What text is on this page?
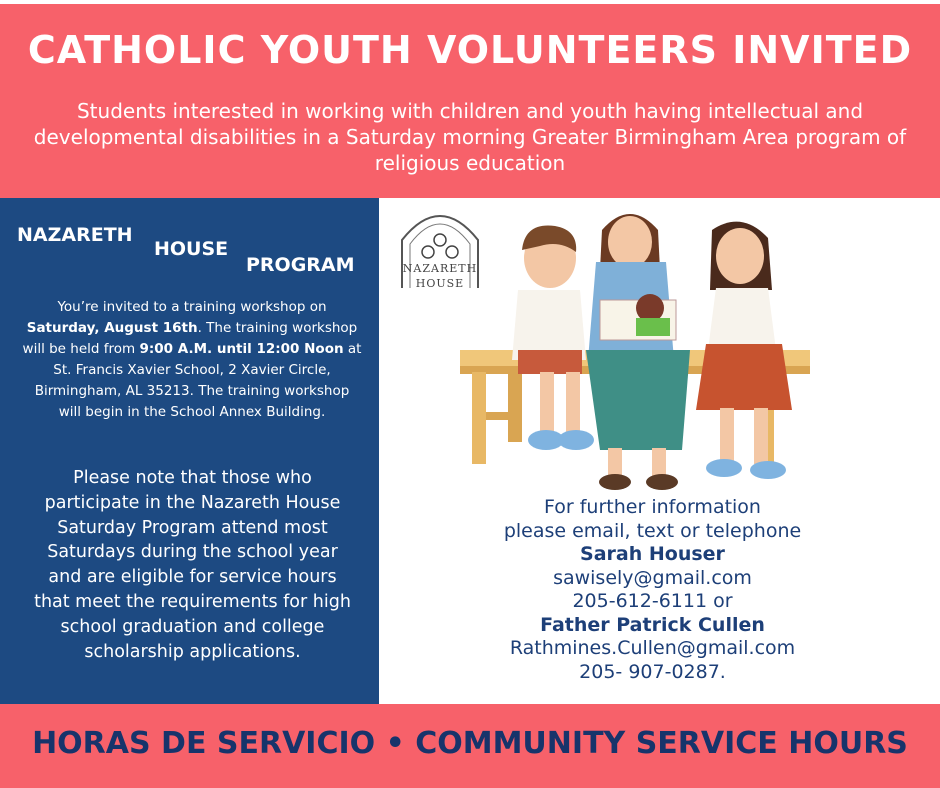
CATHOLIC YOUTH VOLUNTEERS INVITED

Students interested in working with children and youth having intellectual and developmental disabilities in a Saturday morning Greater Birmingham Area program of religious education

NAZARETH
HOUSE
PROGRAM

You’re invited to a training workshop on Saturday, August 16th. The training workshop will be held from 9:00 A.M. until 12:00 Noon at St. Francis Xavier School, 2 Xavier Circle, Birmingham, AL 35213. The training workshop will begin in the School Annex Building.

Please note that those who participate in the Nazareth House Saturday Program attend most Saturdays during the school year and are eligible for service hours that meet the requirements for high school graduation and college scholarship applications.

NAZARETH
HOUSE
For further information
please email, text or telephone
Sarah Houser
sawisely@gmail.com
205-612-6111 or
Father Patrick Cullen
Rathmines.Cullen@gmail.com
205- 907-0287.

HORAS DE SERVICIO • COMMUNITY SERVICE HOURS
